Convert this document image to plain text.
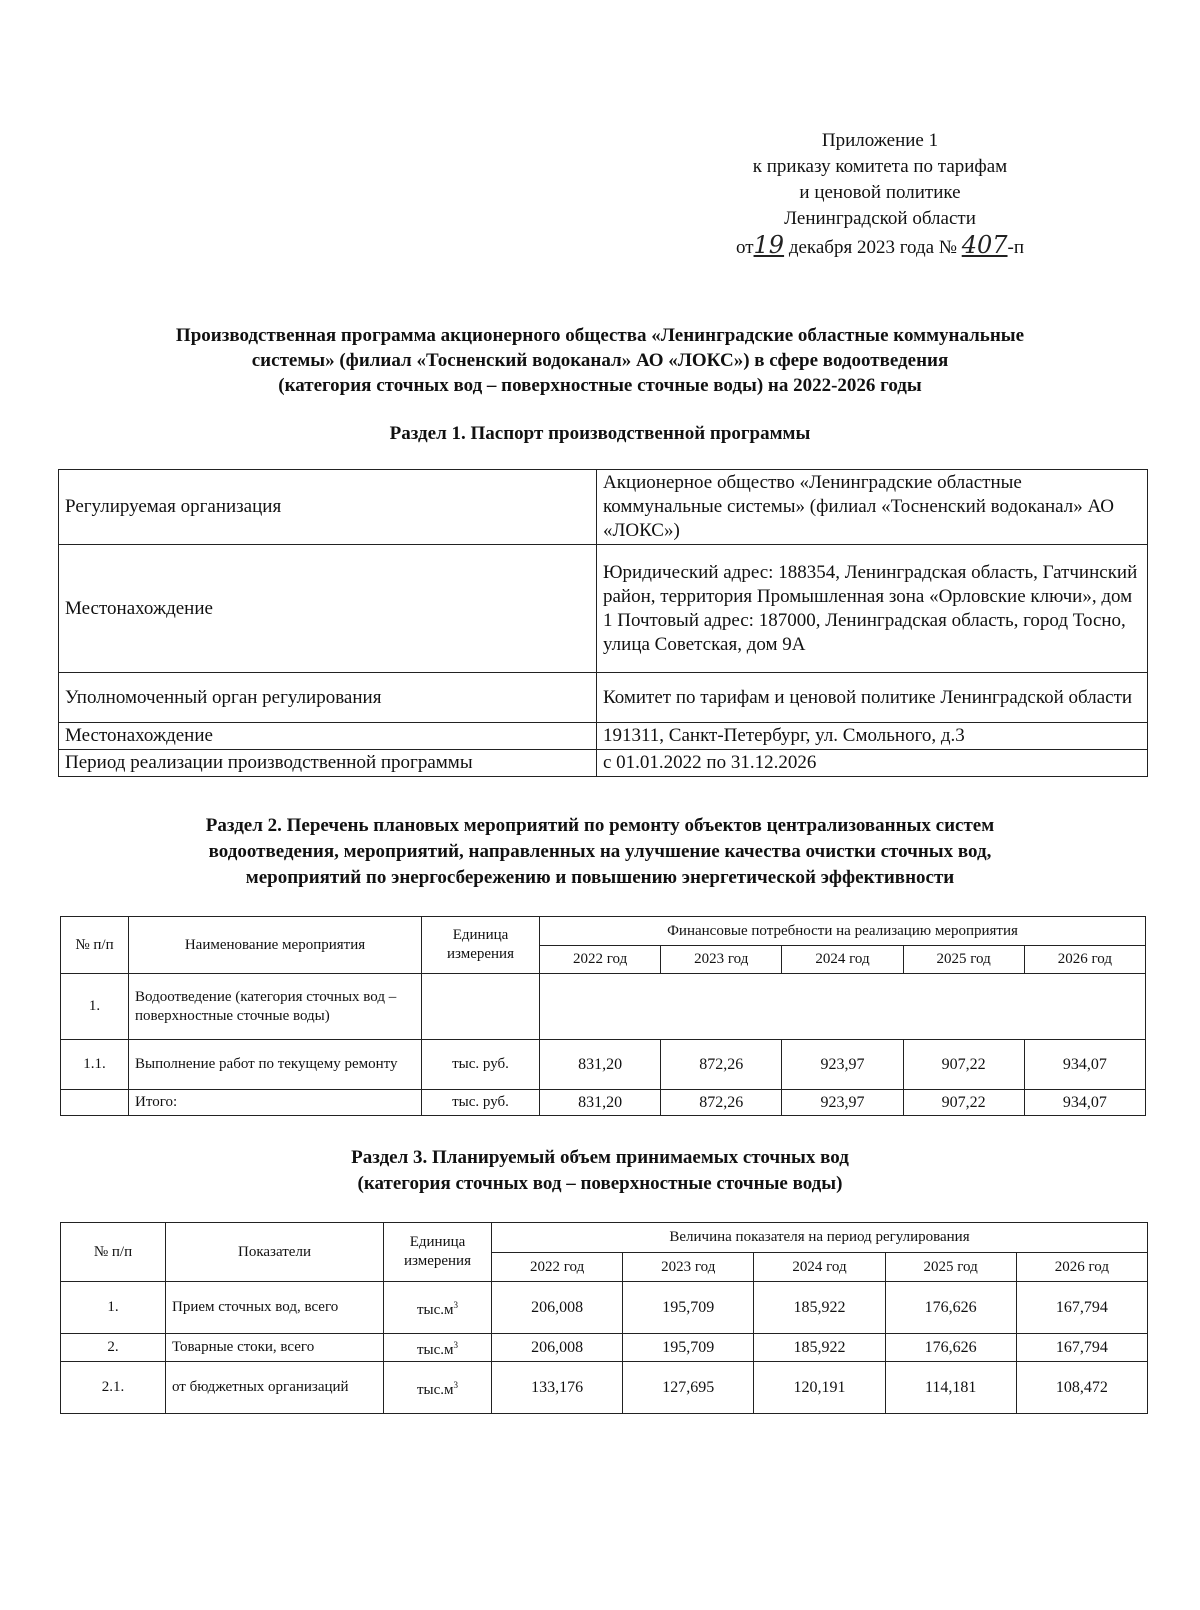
Приложение 1
к приказу комитета по тарифам
и ценовой политике
Ленинградской области
от19 декабря 2023 года № 407-п
Производственная программа акционерного общества «Ленинградские областные коммунальные
системы» (филиал «Тосненский водоканал» АО «ЛОКС») в сфере водоотведения
(категория сточных вод – поверхностные сточные воды) на 2022-2026 годы
Раздел 1. Паспорт производственной программы
Регулируемая организация	Акционерное общество «Ленинградские областные коммунальные системы» (филиал «Тосненский водоканал» АО «ЛОКС»)
Местонахождение	Юридический адрес: 188354, Ленинградская область, Гатчинский район, территория Промышленная зона «Орловские ключи», дом 1 Почтовый адрес: 187000, Ленинградская область, город Тосно, улица Советская, дом 9А
Уполномоченный орган регулирования	Комитет по тарифам и ценовой политике Ленинградской области
Местонахождение	191311, Санкт-Петербург, ул. Смольного, д.3
Период реализации производственной программы	с 01.01.2022 по 31.12.2026
Раздел 2. Перечень плановых мероприятий по ремонту объектов централизованных систем
водоотведения, мероприятий, направленных на улучшение качества очистки сточных вод,
мероприятий по энергосбережению и повышению энергетической эффективности
№ п/п	Наименование мероприятия	Единица измерения	Финансовые потребности на реализацию мероприятия				
			2022 год	2023 год	2024 год	2025 год	2026 год
1.	Водоотведение (категория сточных вод – поверхностные сточные воды)						
1.1.	Выполнение работ по текущему ремонту	тыс. руб.	831,20	872,26	923,97	907,22	934,07
	Итого:	тыс. руб.	831,20	872,26	923,97	907,22	934,07
Раздел 3. Планируемый объем принимаемых сточных вод
(категория сточных вод – поверхностные сточные воды)
№ п/п	Показатели	Единица измерения	Величина показателя на период регулирования				
			2022 год	2023 год	2024 год	2025 год	2026 год
1.	Прием сточных вод, всего	$тыс.м^3$	206,008	195,709	185,922	176,626	167,794
2.	Товарные стоки, всего	$тыс.м^3$	206,008	195,709	185,922	176,626	167,794
2.1.	от бюджетных организаций	$тыс.м^3$	133,176	127,695	120,191	114,181	108,472
